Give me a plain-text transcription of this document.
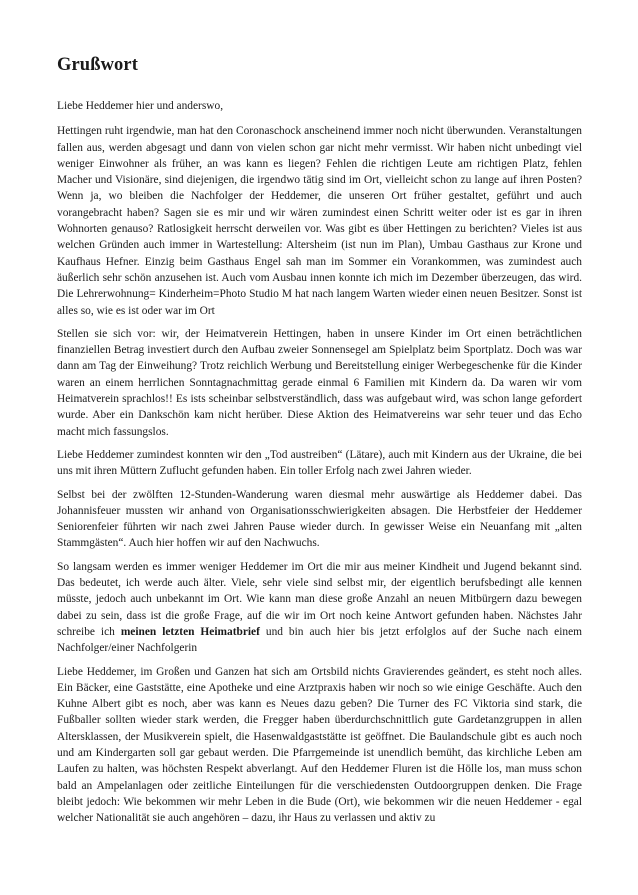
Grußwort

Liebe Heddemer hier und anderswo,

Hettingen ruht irgendwie, man hat den Coronaschock anscheinend immer noch nicht überwunden. Veranstaltungen fallen aus, werden abgesagt und dann von vielen schon gar nicht mehr vermisst. Wir haben nicht unbedingt viel weniger Einwohner als früher, an was kann es liegen? Fehlen die richtigen Leute am richtigen Platz, fehlen Macher und Visionäre, sind diejenigen, die irgendwo tätig sind im Ort, vielleicht schon zu lange auf ihren Posten? Wenn ja, wo bleiben die Nachfolger der Heddemer, die unseren Ort früher gestaltet, geführt und auch vorangebracht haben? Sagen sie es mir und wir wären zumindest einen Schritt weiter oder ist es gar in ihren Wohnorten genauso? Ratlosigkeit herrscht derweilen vor. Was gibt es über Hettingen zu berichten? Vieles ist aus welchen Gründen auch immer in Wartestellung: Altersheim (ist nun im Plan), Umbau Gasthaus zur Krone und Kaufhaus Hefner. Einzig beim Gasthaus Engel sah man im Sommer ein Vorankommen, was zumindest auch äußerlich sehr schön anzusehen ist. Auch vom Ausbau innen konnte ich mich im Dezember überzeugen, das wird. Die Lehrerwohnung= Kinderheim=Photo Studio M hat nach langem Warten wieder einen neuen Besitzer. Sonst ist alles so, wie es ist oder war im Ort

Stellen sie sich vor: wir, der Heimatverein Hettingen, haben in unsere Kinder im Ort einen beträchtlichen finanziellen Betrag investiert durch den Aufbau zweier Sonnensegel am Spielplatz beim Sportplatz. Doch was war dann am Tag der Einweihung? Trotz reichlich Werbung und Bereitstellung einiger Werbegeschenke für die Kinder waren an einem herrlichen Sonntagnachmittag gerade einmal 6 Familien mit Kindern da. Da waren wir vom Heimatverein sprachlos!! Es ists scheinbar selbstverständlich, dass was aufgebaut wird, was schon lange gefordert wurde. Aber ein Dankschön kam nicht herüber. Diese Aktion des Heimatvereins war sehr teuer und das Echo macht mich fassungslos.

Liebe Heddemer zumindest konnten wir den „Tod austreiben“ (Lätare), auch mit Kindern aus der Ukraine, die bei uns mit ihren Müttern Zuflucht gefunden haben. Ein toller Erfolg nach zwei Jahren wieder.

Selbst bei der zwölften 12-Stunden-Wanderung waren diesmal mehr auswärtige als Heddemer dabei. Das Johannisfeuer mussten wir anhand von Organisationsschwierigkeiten absagen. Die Herbstfeier der Heddemer Seniorenfeier führten wir nach zwei Jahren Pause wieder durch. In gewisser Weise ein Neuanfang mit „alten Stammgästen“. Auch hier hoffen wir auf den Nachwuchs.

So langsam werden es immer weniger Heddemer im Ort die mir aus meiner Kindheit und Jugend bekannt sind. Das bedeutet, ich werde auch älter. Viele, sehr viele sind selbst mir, der eigentlich berufsbedingt alle kennen müsste, jedoch auch unbekannt im Ort. Wie kann man diese große Anzahl an neuen Mitbürgern dazu bewegen dabei zu sein, dass ist die große Frage, auf die wir im Ort noch keine Antwort gefunden haben. Nächstes Jahr schreibe ich meinen letzten Heimatbrief und bin auch hier bis jetzt erfolglos auf der Suche nach einem Nachfolger/einer Nachfolgerin

Liebe Heddemer, im Großen und Ganzen hat sich am Ortsbild nichts Gravierendes geändert, es steht noch alles. Ein Bäcker, eine Gaststätte, eine Apotheke und eine Arztpraxis haben wir noch so wie einige Geschäfte. Auch den Kuhne Albert gibt es noch, aber was kann es Neues dazu geben? Die Turner des FC Viktoria sind stark, die Fußballer sollten wieder stark werden, die Fregger haben überdurchschnittlich gute Gardetanzgruppen in allen Altersklassen, der Musikverein spielt, die Hasenwaldgaststätte ist geöffnet. Die Baulandschule gibt es auch noch und am Kindergarten soll gar gebaut werden. Die Pfarrgemeinde ist unendlich bemüht, das kirchliche Leben am Laufen zu halten, was höchsten Respekt abverlangt. Auf den Heddemer Fluren ist die Hölle los, man muss schon bald an Ampelanlagen oder zeitliche Einteilungen für die verschiedensten Outdoorgruppen denken. Die Frage bleibt jedoch: Wie bekommen wir mehr Leben in die Bude (Ort), wie bekommen wir die neuen Heddemer - egal welcher Nationalität sie auch angehören – dazu, ihr Haus zu verlassen und aktiv zu
